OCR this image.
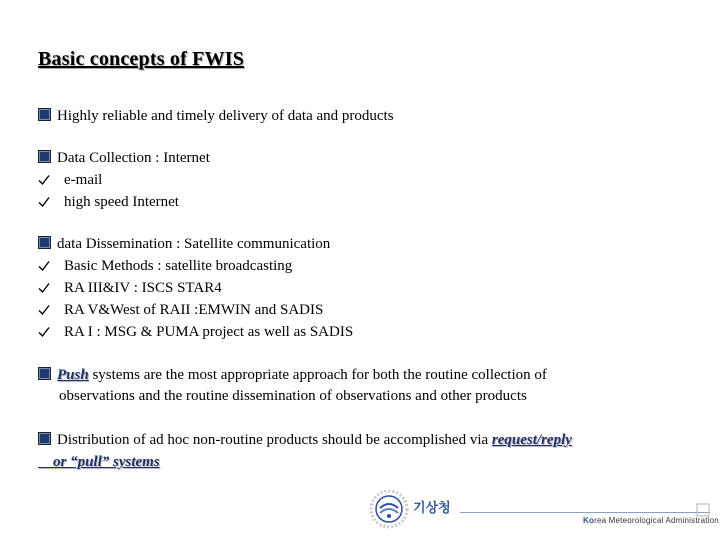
Basic concepts of FWIS
Highly reliable and timely delivery of data and products
Data Collection : Internet
e-mail
high speed Internet
data Dissemination : Satellite communication
Basic Methods : satellite broadcasting
RA III&IV : ISCS STAR4
RA V&West of RAII :EMWIN and SADIS
RA I : MSG & PUMA project as well as SADIS
Push systems are the most appropriate approach for both the routine collection of
observations and the routine dissemination of observations and other products
Distribution of ad hoc non-routine products should be accomplished via request/reply
or “pull” systems
기상청
Korea Meteorological Administration
